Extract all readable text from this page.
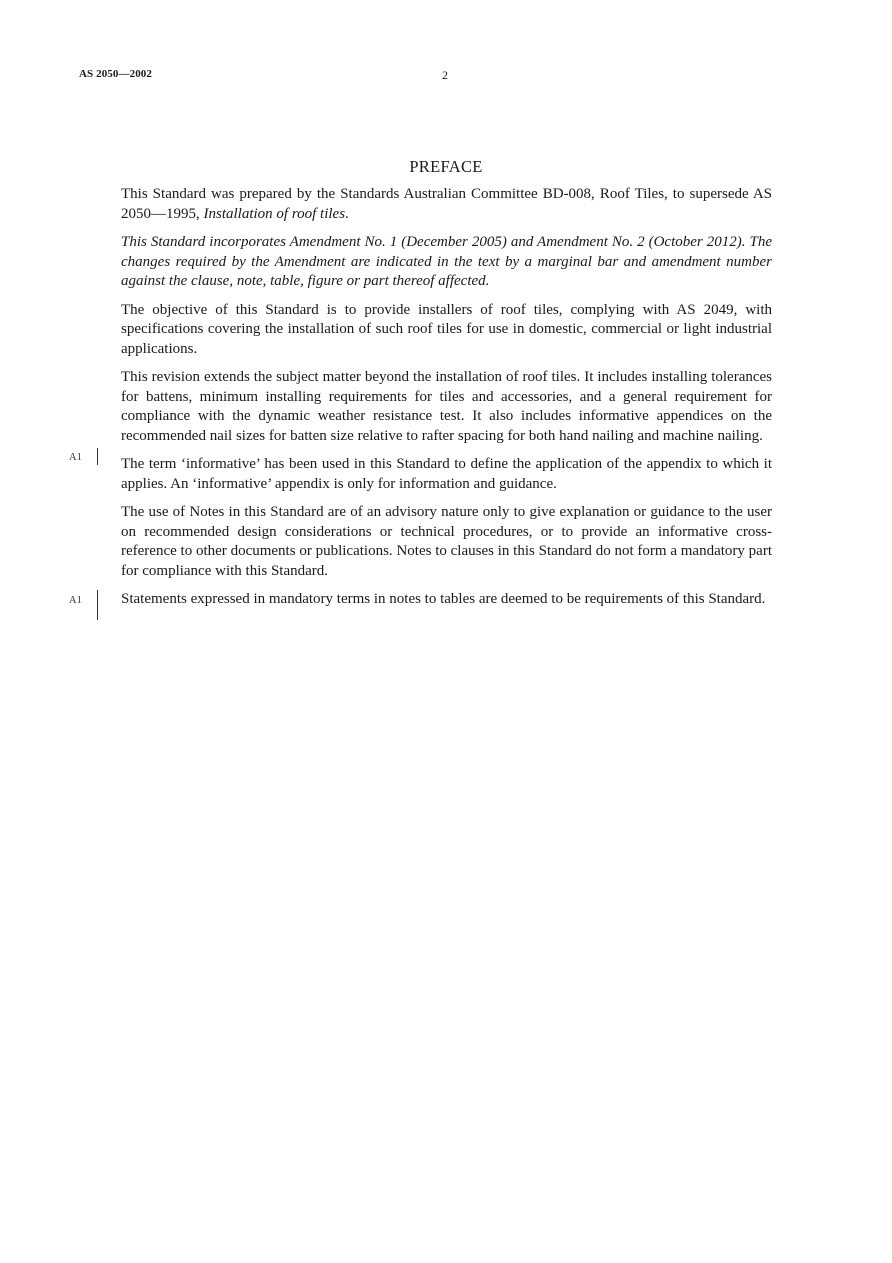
AS 2050—2002	2
PREFACE

This Standard was prepared by the Standards Australian Committee BD-008, Roof Tiles, to supersede AS 2050—1995, Installation of roof tiles.

This Standard incorporates Amendment No. 1 (December 2005) and Amendment No. 2 (October 2012). The changes required by the Amendment are indicated in the text by a marginal bar and amendment number against the clause, note, table, figure or part thereof affected.

The objective of this Standard is to provide installers of roof tiles, complying with AS 2049, with specifications covering the installation of such roof tiles for use in domestic, commercial or light industrial applications.

This revision extends the subject matter beyond the installation of roof tiles. It includes installing tolerances for battens, minimum installing requirements for tiles and accessories, and a general requirement for compliance with the dynamic weather resistance test. It also includes informative appendices on the recommended nail sizes for batten size relative to rafter spacing for both hand nailing and machine nailing.
A1	The term ‘informative’ has been used in this Standard to define the application of the appendix to which it applies. An ‘informative’ appendix is only for information and guidance.

The use of Notes in this Standard are of an advisory nature only to give explanation or guidance to the user on recommended design considerations or technical procedures, or to provide an informative cross-reference to other documents or publications. Notes to clauses in this Standard do not form a mandatory part for compliance with this Standard.

Statements expressed in mandatory terms in notes to tables are deemed to be requirements of this Standard.
A1
